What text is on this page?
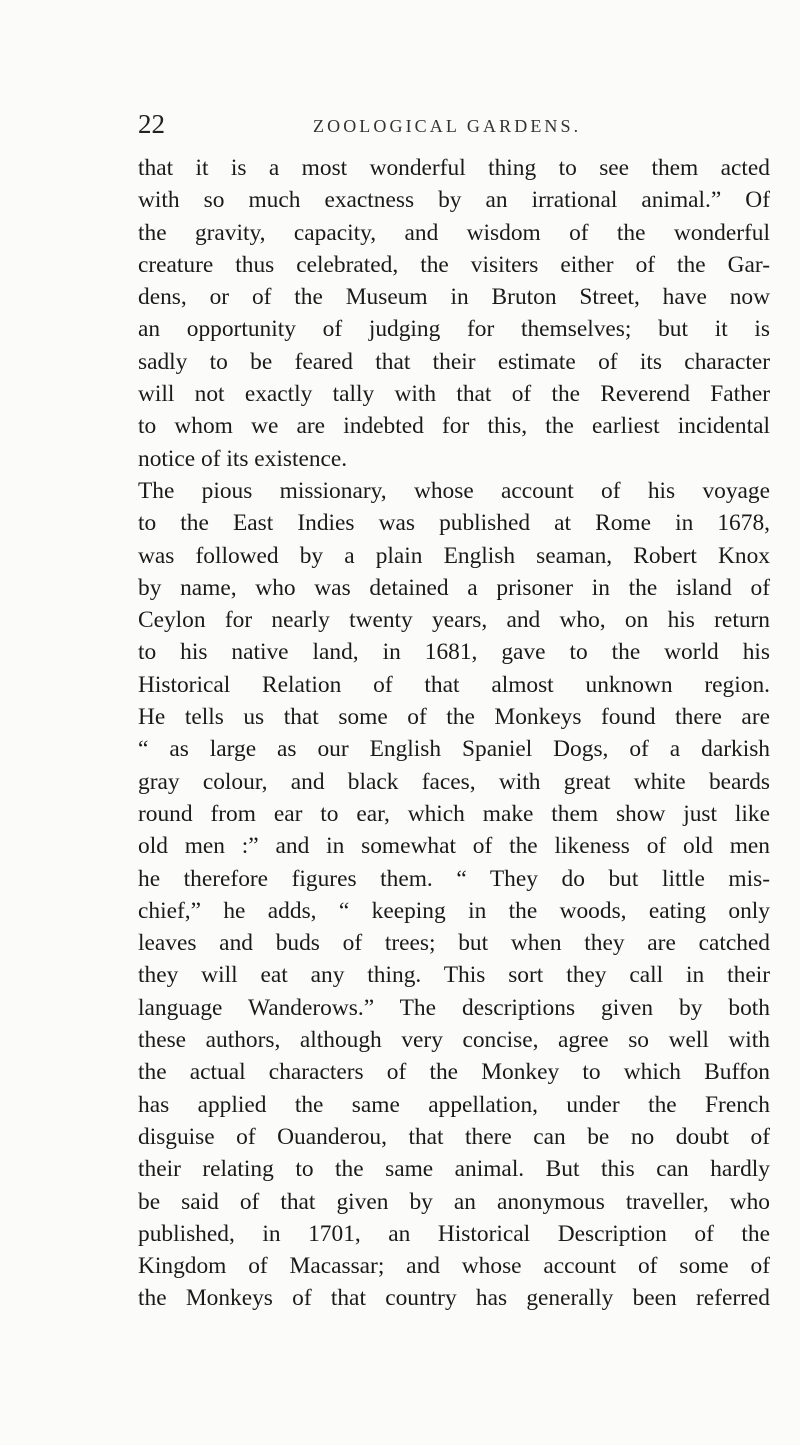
22	ZOOLOGICAL GARDENS.
that it is a most wonderful thing to see them acted
with so much exactness by an irrational animal.” Of
the gravity, capacity, and wisdom of the wonderful
creature thus celebrated, the visiters either of the Gar-
dens, or of the Museum in Bruton Street, have now
an opportunity of judging for themselves; but it is
sadly to be feared that their estimate of its character
will not exactly tally with that of the Reverend Father
to whom we are indebted for this, the earliest incidental
notice of its existence.
The pious missionary, whose account of his voyage
to the East Indies was published at Rome in 1678,
was followed by a plain English seaman, Robert Knox
by name, who was detained a prisoner in the island of
Ceylon for nearly twenty years, and who, on his return
to his native land, in 1681, gave to the world his
Historical Relation of that almost unknown region.
He tells us that some of the Monkeys found there are
“ as large as our English Spaniel Dogs, of a darkish
gray colour, and black faces, with great white beards
round from ear to ear, which make them show just like
old men :” and in somewhat of the likeness of old men
he therefore figures them. “ They do but little mis-
chief,” he adds, “ keeping in the woods, eating only
leaves and buds of trees; but when they are catched
they will eat any thing. This sort they call in their
language Wanderows.” The descriptions given by both
these authors, although very concise, agree so well with
the actual characters of the Monkey to which Buffon
has applied the same appellation, under the French
disguise of Ouanderou, that there can be no doubt of
their relating to the same animal. But this can hardly
be said of that given by an anonymous traveller, who
published, in 1701, an Historical Description of the
Kingdom of Macassar; and whose account of some of
the Monkeys of that country has generally been referred
